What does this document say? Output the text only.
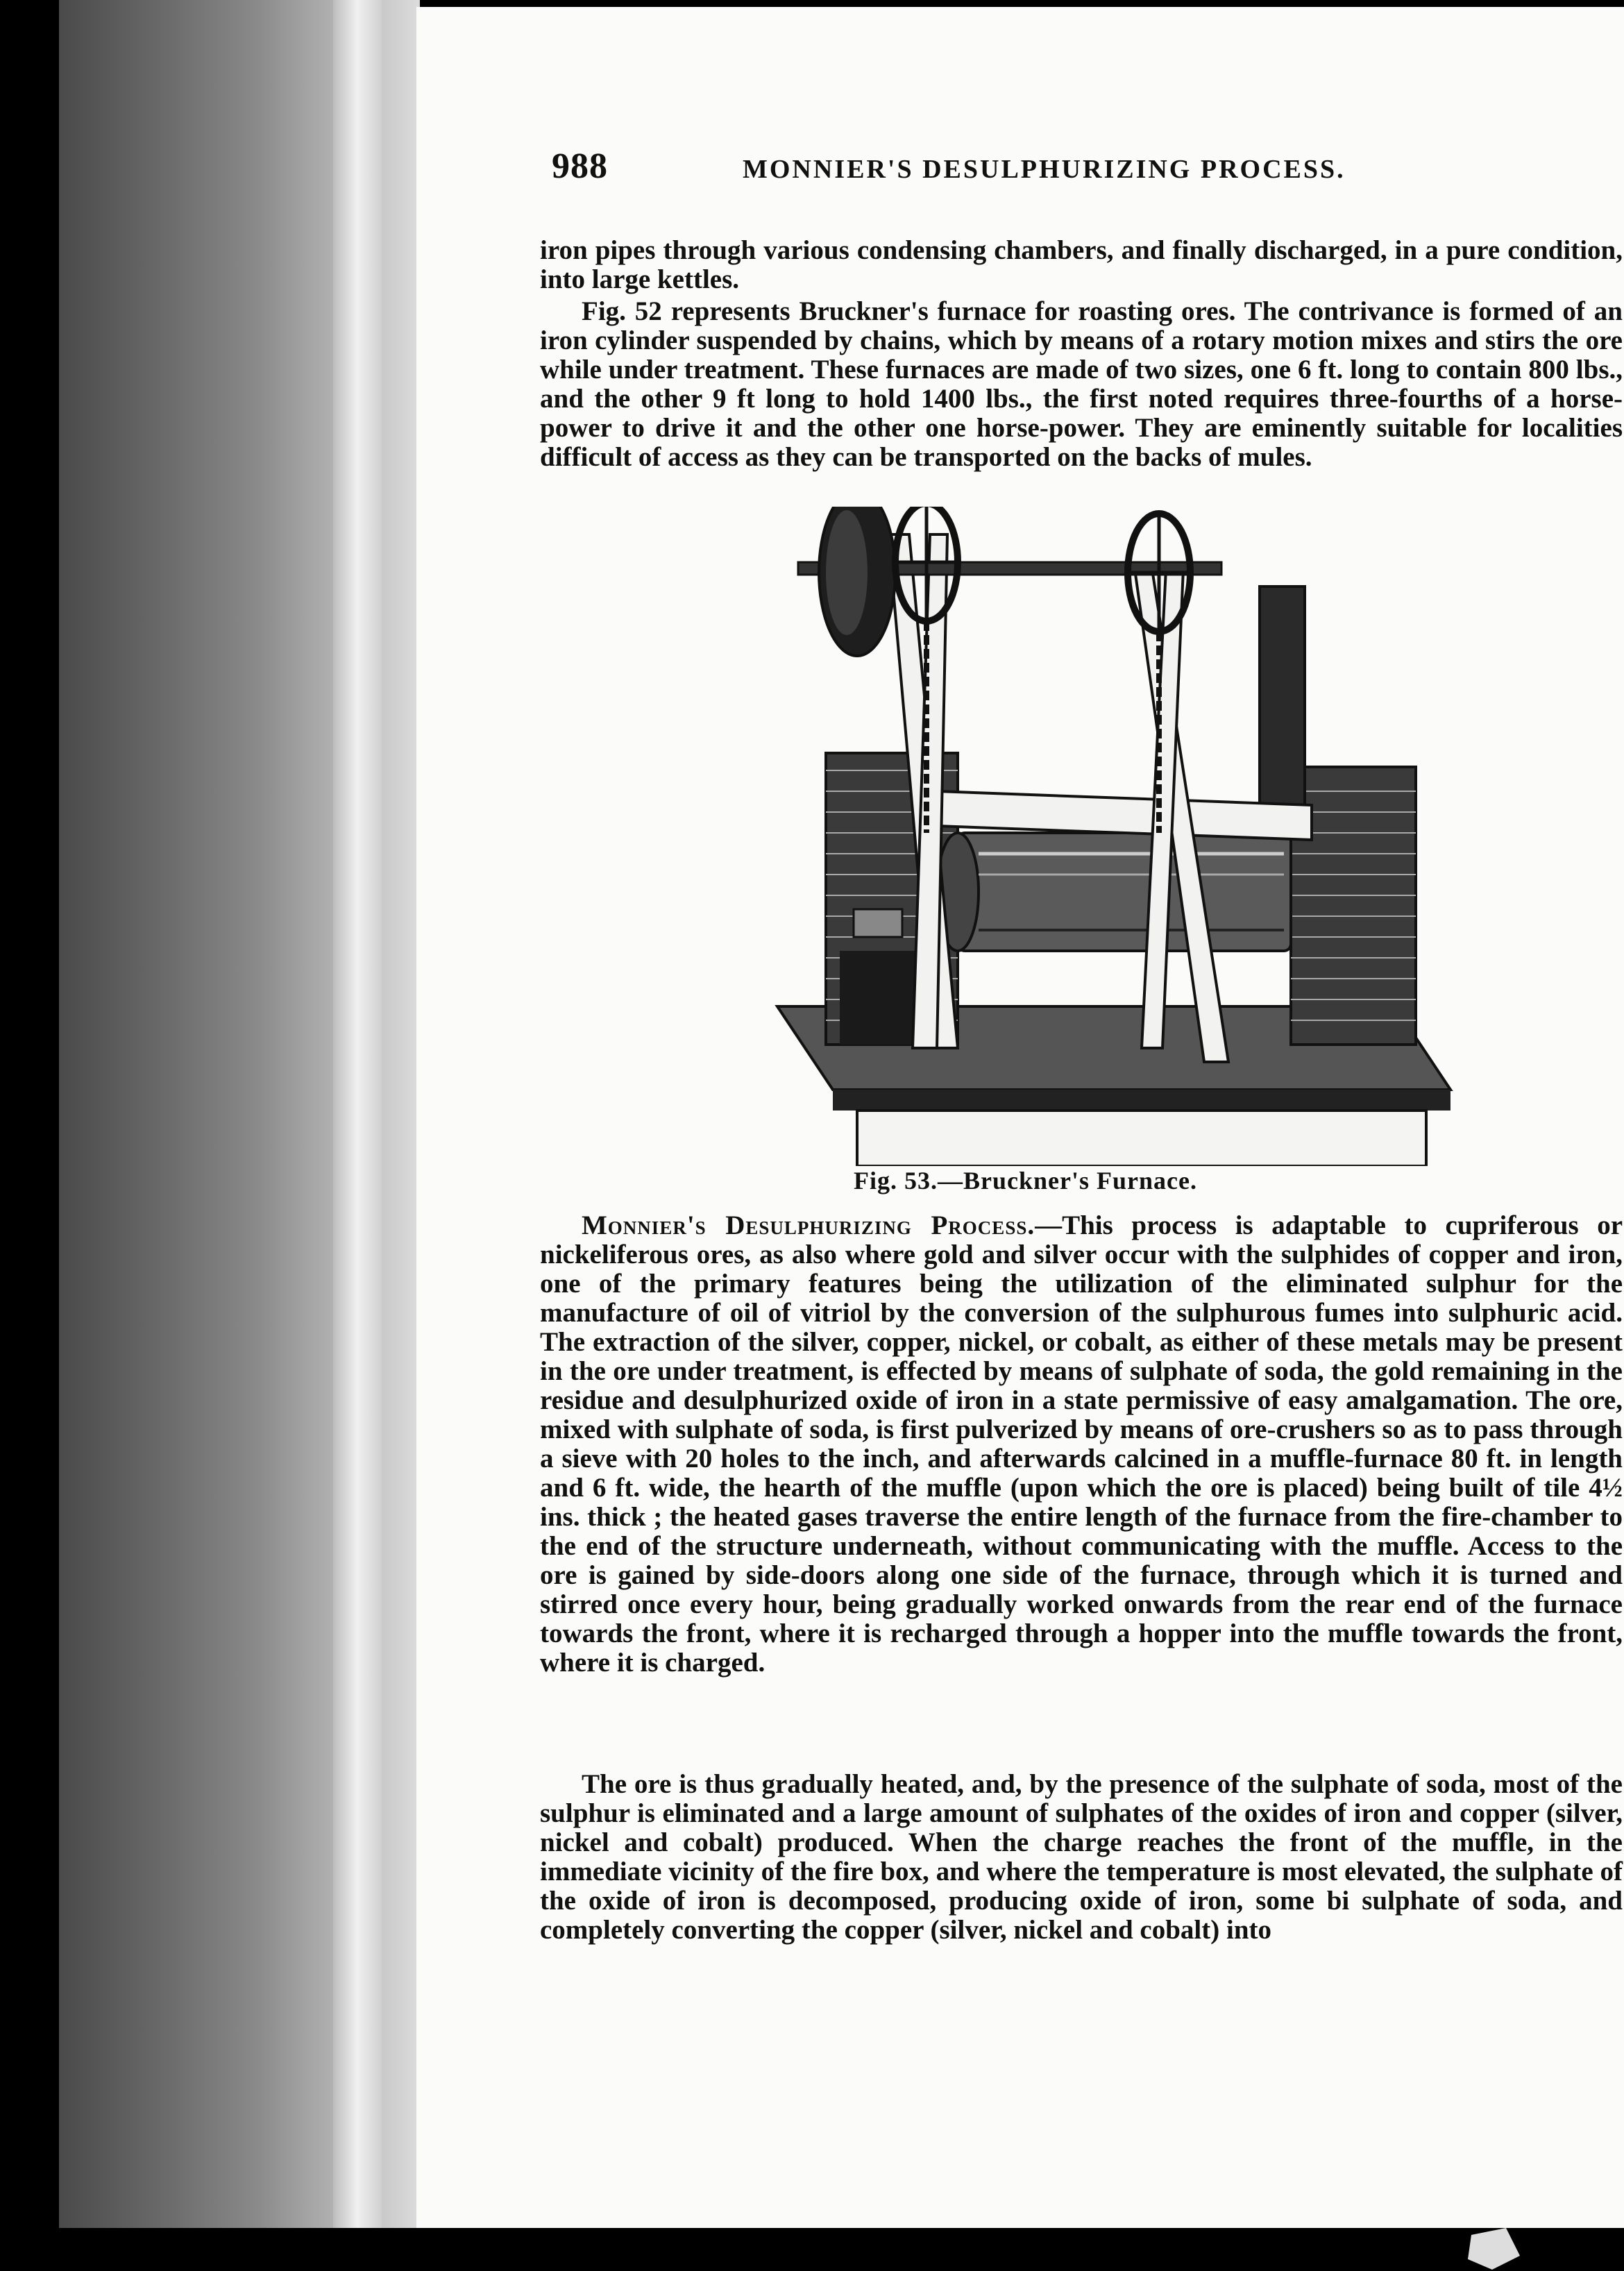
988	MONNIER'S DESULPHURIZING PROCESS.

iron pipes through various condensing chambers, and finally discharged, in a pure condition, into large kettles.

Fig. 52 represents Bruckner's furnace for roasting ores. The contrivance is formed of an iron cylinder suspended by chains, which by means of a rotary motion mixes and stirs the ore while under treatment. These furnaces are made of two sizes, one 6 ft. long to contain 800 lbs., and the other 9 ft long to hold 1400 lbs., the first noted requires three-fourths of a horse-power to drive it and the other one horse-power. They are eminently suitable for localities difficult of access as they can be transported on the backs of mules.

Fig. 53.—Bruckner's Furnace.

Monnier's Desulphurizing Process.—This process is adaptable to cupriferous or nickeliferous ores, as also where gold and silver occur with the sulphides of copper and iron, one of the primary features being the utilization of the eliminated sulphur for the manufacture of oil of vitriol by the conversion of the sulphurous fumes into sulphuric acid. The extraction of the silver, copper, nickel, or cobalt, as either of these metals may be present in the ore under treatment, is effected by means of sulphate of soda, the gold remaining in the residue and desulphurized oxide of iron in a state permissive of easy amalgamation. The ore, mixed with sulphate of soda, is first pulverized by means of ore-crushers so as to pass through a sieve with 20 holes to the inch, and afterwards calcined in a muffle-furnace 80 ft. in length and 6 ft. wide, the hearth of the muffle (upon which the ore is placed) being built of tile 4½ ins. thick ; the heated gases traverse the entire length of the furnace from the fire-chamber to the end of the structure underneath, without communicating with the muffle. Access to the ore is gained by side-doors along one side of the furnace, through which it is turned and stirred once every hour, being gradually worked onwards from the rear end of the furnace towards the front, where it is recharged through a hopper into the muffle towards the front, where it is charged.

The ore is thus gradually heated, and, by the presence of the sulphate of soda, most of the sulphur is eliminated and a large amount of sulphates of the oxides of iron and copper (silver, nickel and cobalt) produced. When the charge reaches the front of the muffle, in the immediate vicinity of the fire box, and where the temperature is most elevated, the sulphate of the oxide of iron is decomposed, producing oxide of iron, some bi sulphate of soda, and completely converting the copper (silver, nickel and cobalt) into
